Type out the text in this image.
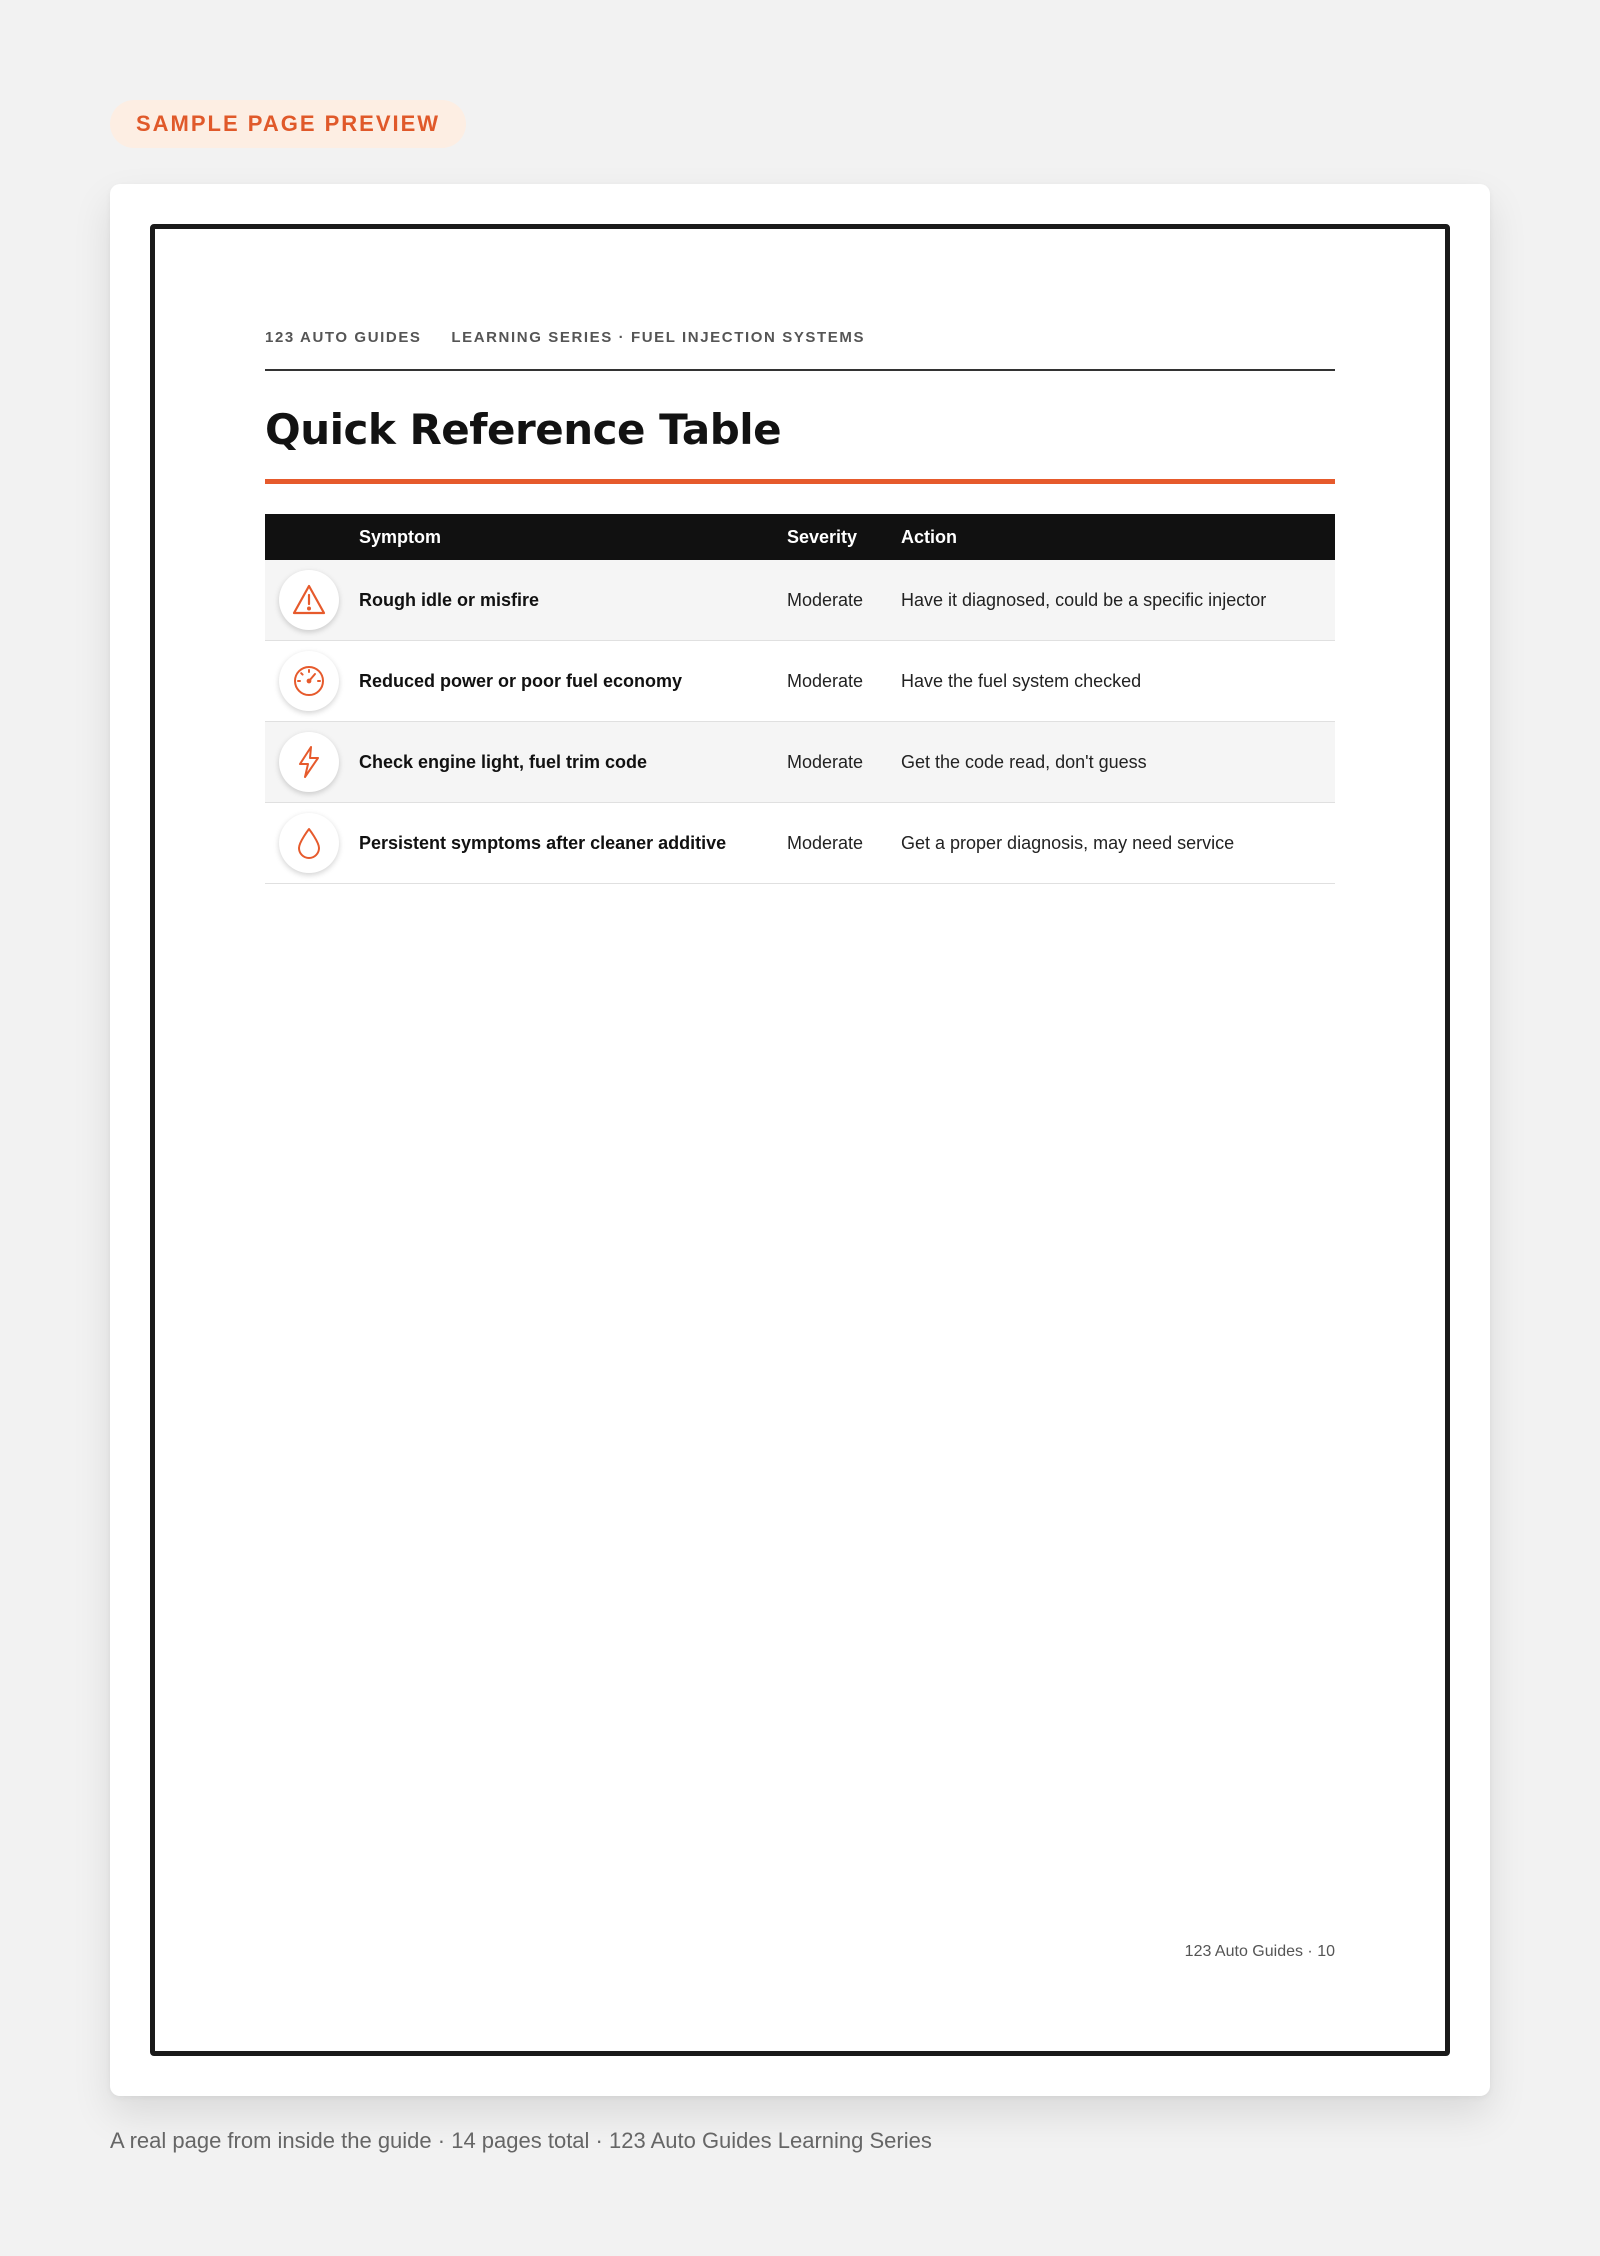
SAMPLE PAGE PREVIEW
123 AUTO GUIDES LEARNING SERIES · FUEL INJECTION SYSTEMS
Quick Reference Table
	Symptom	Severity	Action

	Rough idle or misfire	Moderate	Have it diagnosed, could be a specific injector

	Reduced power or poor fuel economy	Moderate	Have the fuel system checked

	Check engine light, fuel trim code	Moderate	Get the code read, don't guess

	Persistent symptoms after cleaner additive	Moderate	Get a proper diagnosis, may need service
123 Auto Guides · 10
A real page from inside the guide · 14 pages total · 123 Auto Guides Learning Series
